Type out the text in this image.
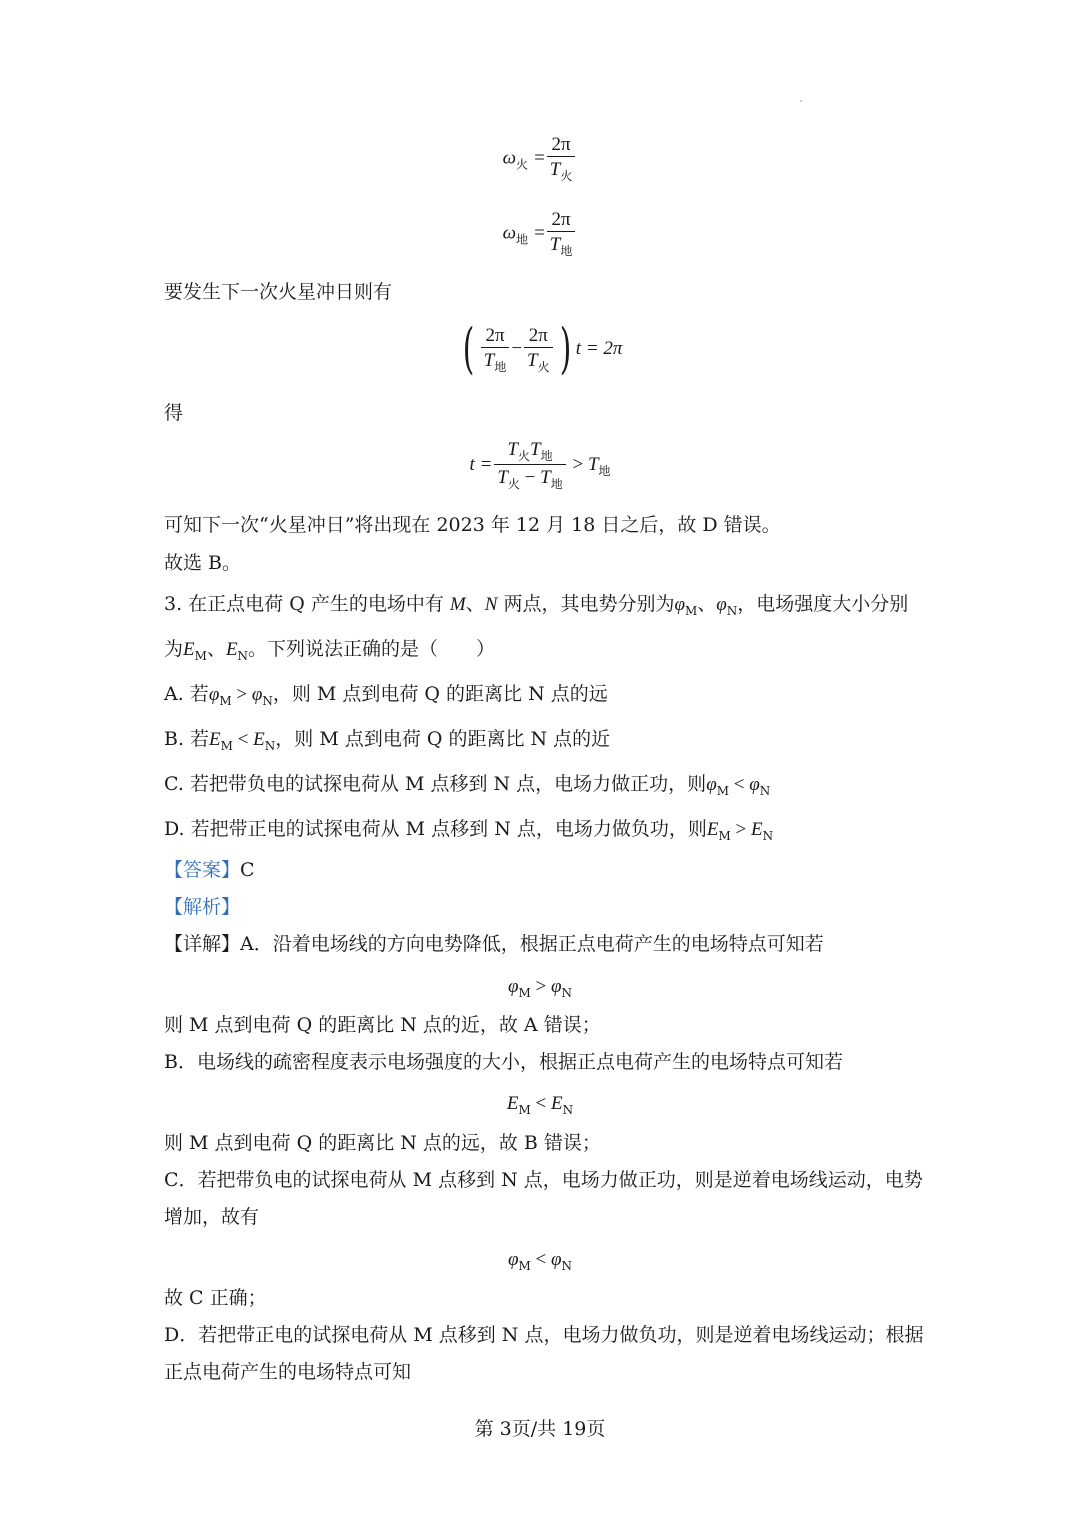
$\omega_火 = \frac{2\pi}{T_火}$
$\omega_地 = \frac{2\pi}{T_地}$
要发生下一次火星冲日则有
( $\frac{2\pi}{T_地} - \frac{2\pi}{T_火}$ ) t = 2π
得
$t = \frac{T_火T_地}{T_火 - T_地} > T_地$
可知下一次“火星冲日”将出现在 2023 年 12 月 18 日之后，故 D 错误。
故选 B。
3. 在正点电荷 Q 产生的电场中有 M、N 两点，其电势分别为$\varphi_M$、$\varphi_N$，电场强度大小分别
为$E_M$、$E_N$。下列说法正确的是（　　）
A. 若$\varphi_M > \varphi_N$，则 M 点到电荷 Q 的距离比 N 点的远
B. 若$E_M < E_N$，则 M 点到电荷 Q 的距离比 N 点的近
C. 若把带负电的试探电荷从 M 点移到 N 点，电场力做正功，则$\varphi_M < \varphi_N$
D. 若把带正电的试探电荷从 M 点移到 N 点，电场力做负功，则$E_M > E_N$
【答案】C
【解析】
【详解】A．沿着电场线的方向电势降低，根据正点电荷产生的电场特点可知若
$\varphi_M > \varphi_N$
则 M 点到电荷 Q 的距离比 N 点的近，故 A 错误；
B．电场线的疏密程度表示电场强度的大小，根据正点电荷产生的电场特点可知若
$E_M < E_N$
则 M 点到电荷 Q 的距离比 N 点的远，故 B 错误；
C．若把带负电的试探电荷从 M 点移到 N 点，电场力做正功，则是逆着电场线运动，电势
增加，故有
$\varphi_M < \varphi_N$
故 C 正确；
D．若把带正电的试探电荷从 M 点移到 N 点，电场力做负功，则是逆着电场线运动；根据
正点电荷产生的电场特点可知
第 3页/共 19页
